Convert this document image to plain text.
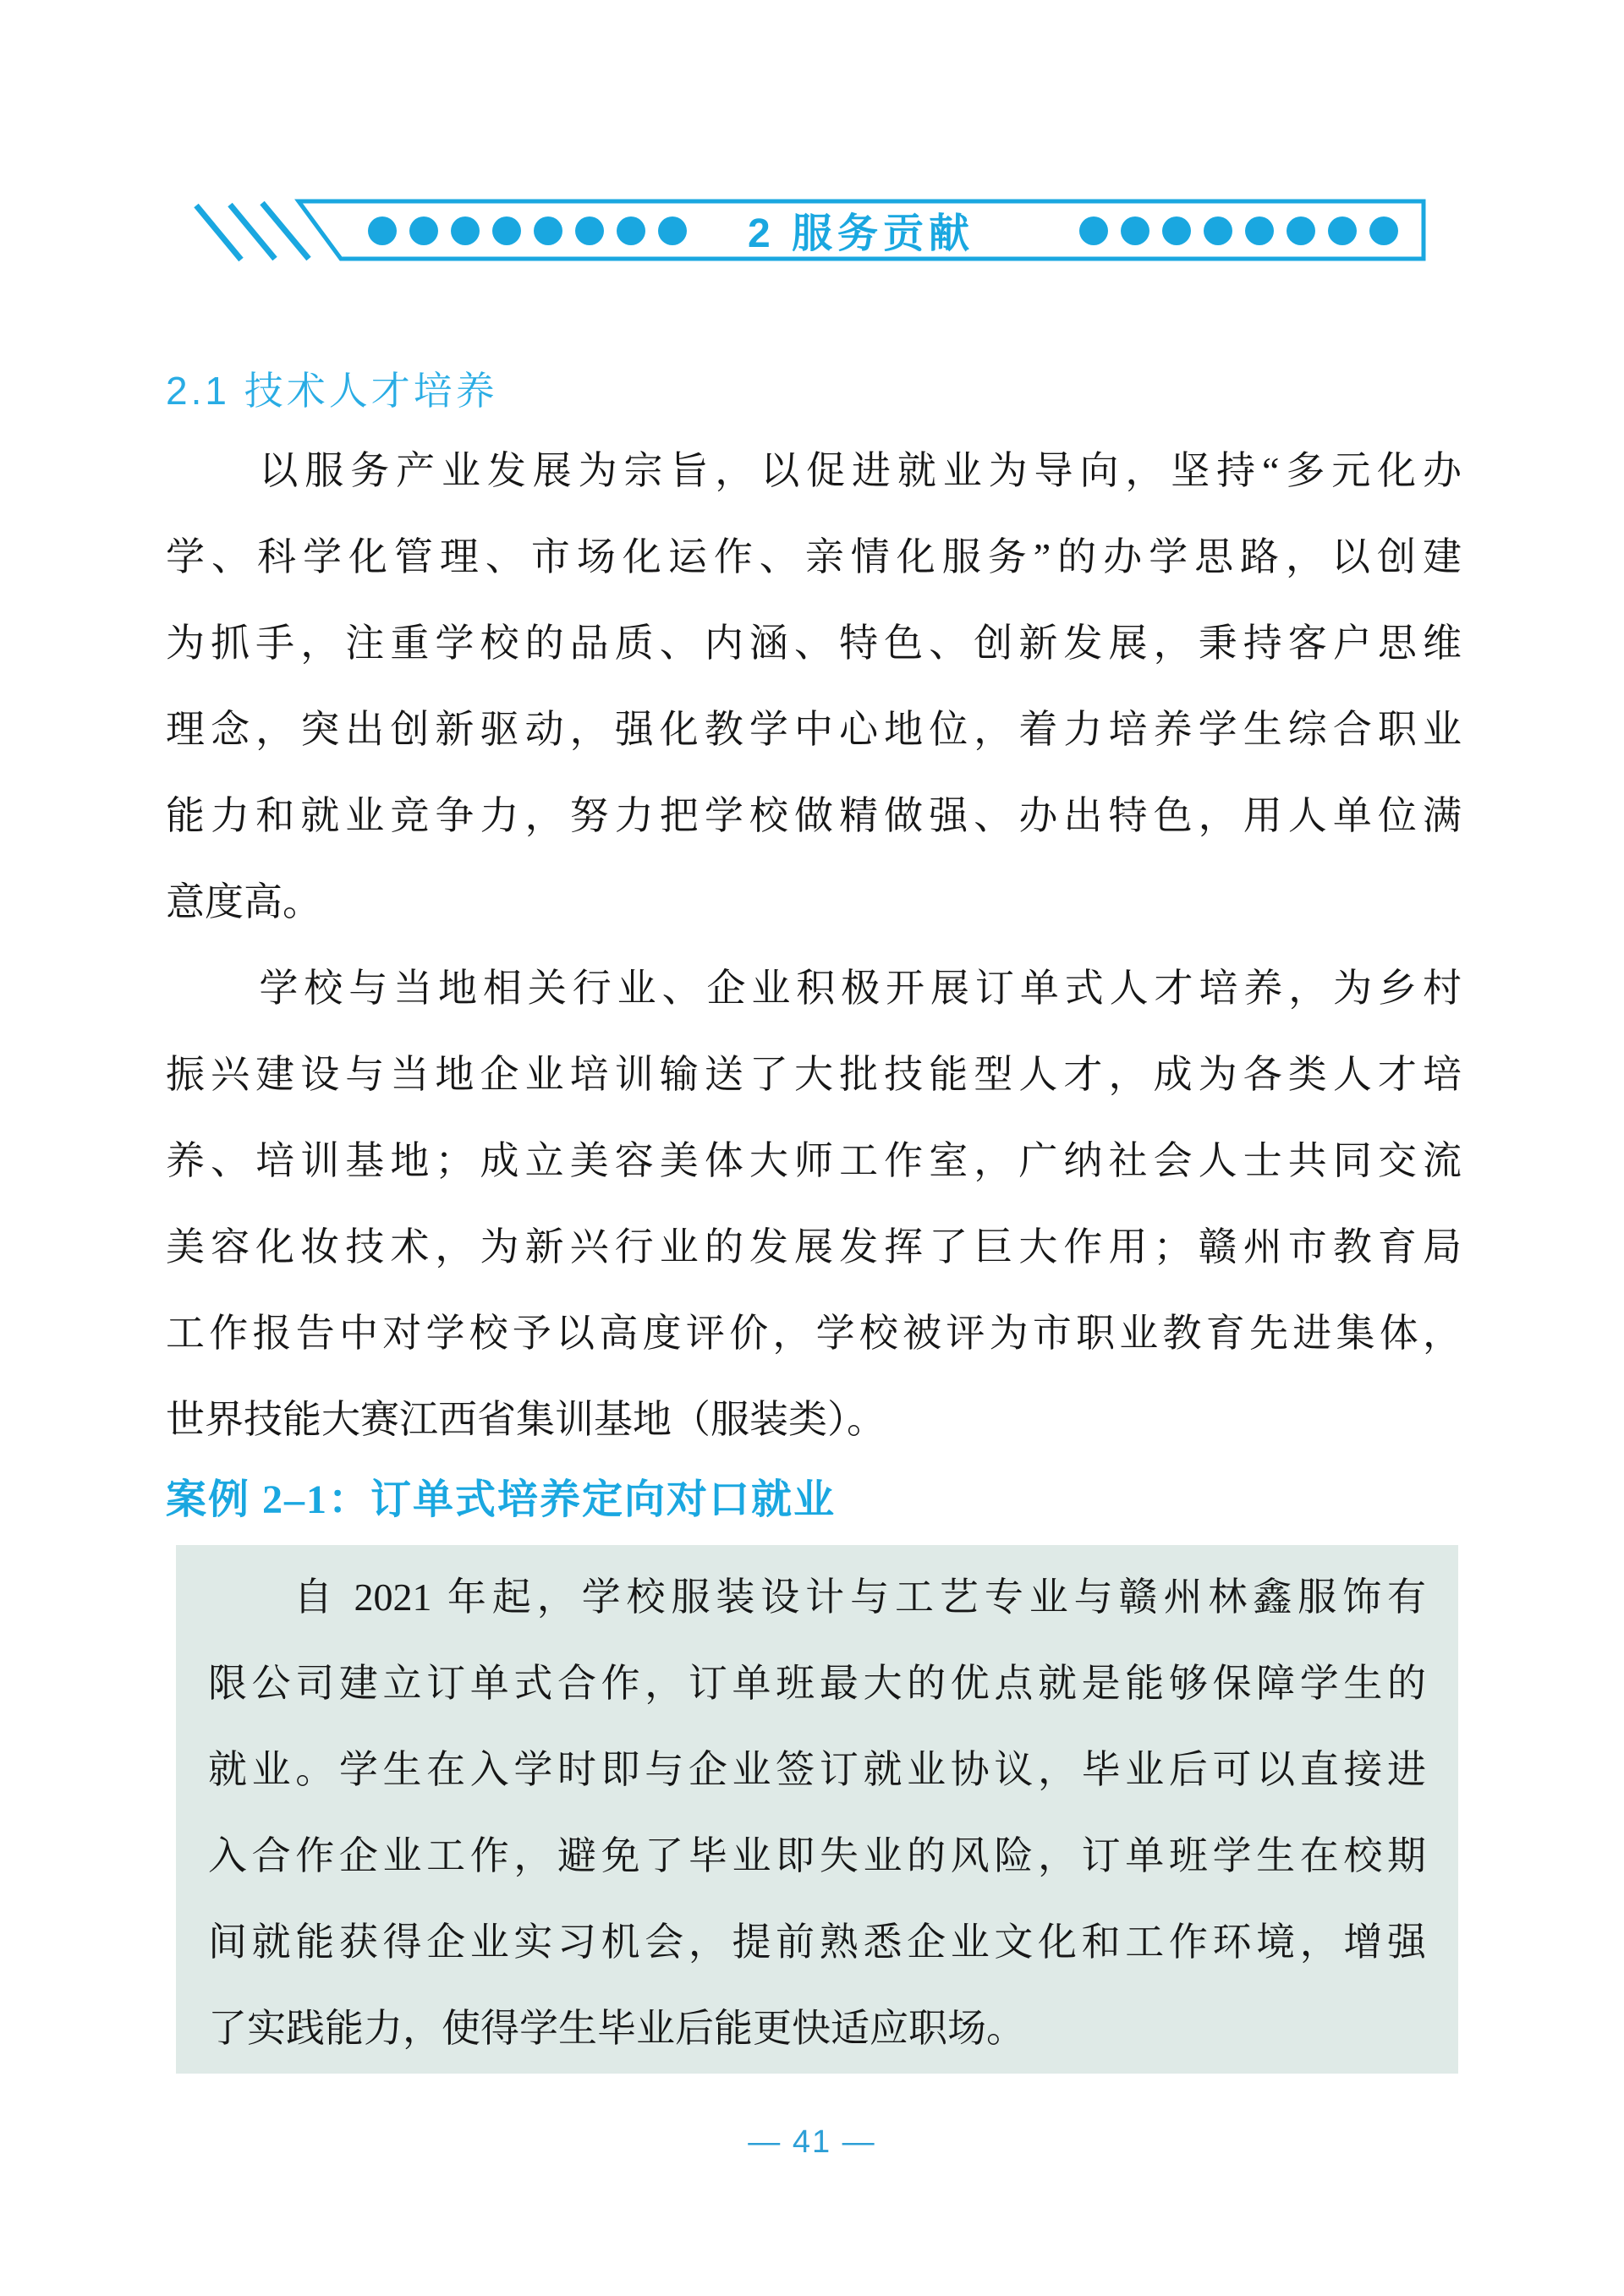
2 服务贡献
2.1 技术人才培养
以服务产业发展为宗旨，以促进就业为导向，坚持“多元化办
学、科学化管理、市场化运作、亲情化服务”的办学思路，以创建
为抓手，注重学校的品质、内涵、特色、创新发展，秉持客户思维
理念，突出创新驱动，强化教学中心地位，着力培养学生综合职业
能力和就业竞争力，努力把学校做精做强、办出特色，用人单位满
意度高。
学校与当地相关行业、企业积极开展订单式人才培养，为乡村
振兴建设与当地企业培训输送了大批技能型人才，成为各类人才培
养、培训基地；成立美容美体大师工作室，广纳社会人士共同交流
美容化妆技术，为新兴行业的发展发挥了巨大作用；赣州市教育局
工作报告中对学校予以高度评价，学校被评为市职业教育先进集体，
世界技能大赛江西省集训基地（服装类）。
案例 2–1：订单式培养定向对口就业
自 2021 年起，学校服装设计与工艺专业与赣州林鑫服饰有
限公司建立订单式合作，订单班最大的优点就是能够保障学生的
就业。学生在入学时即与企业签订就业协议，毕业后可以直接进
入合作企业工作，避免了毕业即失业的风险，订单班学生在校期
间就能获得企业实习机会，提前熟悉企业文化和工作环境，增强
了实践能力，使得学生毕业后能更快适应职场。
— 41 —
